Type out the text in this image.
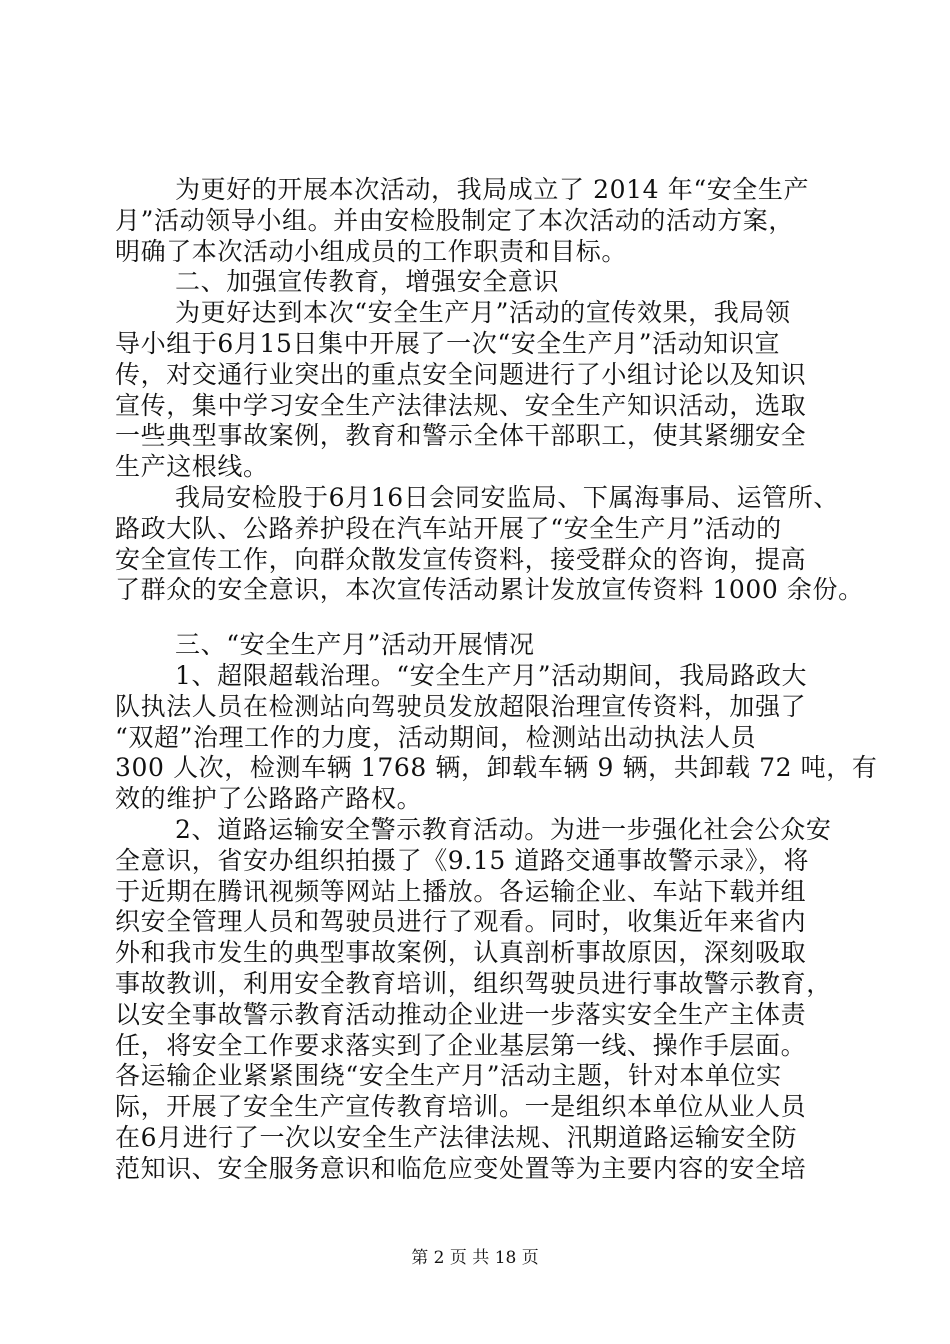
为更好的开展本次活动，我局成立了 2014 年“安全生产
月”活动领导小组。并由安检股制定了本次活动的活动方案，
明确了本次活动小组成员的工作职责和目标。
二、加强宣传教育，增强安全意识
为更好达到本次“安全生产月”活动的宣传效果，我局领
导小组于6月15日集中开展了一次“安全生产月”活动知识宣
传，对交通行业突出的重点安全问题进行了小组讨论以及知识
宣传，集中学习安全生产法律法规、安全生产知识活动，选取
一些典型事故案例，教育和警示全体干部职工，使其紧绷安全
生产这根线。
我局安检股于6月16日会同安监局、下属海事局、运管所、
路政大队、公路养护段在汽车站开展了“安全生产月”活动的
安全宣传工作，向群众散发宣传资料，接受群众的咨询，提高
了群众的安全意识，本次宣传活动累计发放宣传资料 1000 余份。
三、“安全生产月”活动开展情况
1、超限超载治理。“安全生产月”活动期间，我局路政大
队执法人员在检测站向驾驶员发放超限治理宣传资料，加强了
“双超”治理工作的力度，活动期间，检测站出动执法人员
300 人次，检测车辆 1768 辆，卸载车辆 9 辆，共卸载 72 吨，有
效的维护了公路路产路权。
2、道路运输安全警示教育活动。为进一步强化社会公众安
全意识，省安办组织拍摄了《9.15 道路交通事故警示录》，将
于近期在腾讯视频等网站上播放。各运输企业、车站下载并组
织安全管理人员和驾驶员进行了观看。同时，收集近年来省内
外和我市发生的典型事故案例，认真剖析事故原因，深刻吸取
事故教训，利用安全教育培训，组织驾驶员进行事故警示教育，
以安全事故警示教育活动推动企业进一步落实安全生产主体责
任，将安全工作要求落实到了企业基层第一线、操作手层面。
各运输企业紧紧围绕“安全生产月”活动主题，针对本单位实
际，开展了安全生产宣传教育培训。一是组织本单位从业人员
在6月进行了一次以安全生产法律法规、汛期道路运输安全防
范知识、安全服务意识和临危应变处置等为主要内容的安全培
第 2 页 共 18 页
